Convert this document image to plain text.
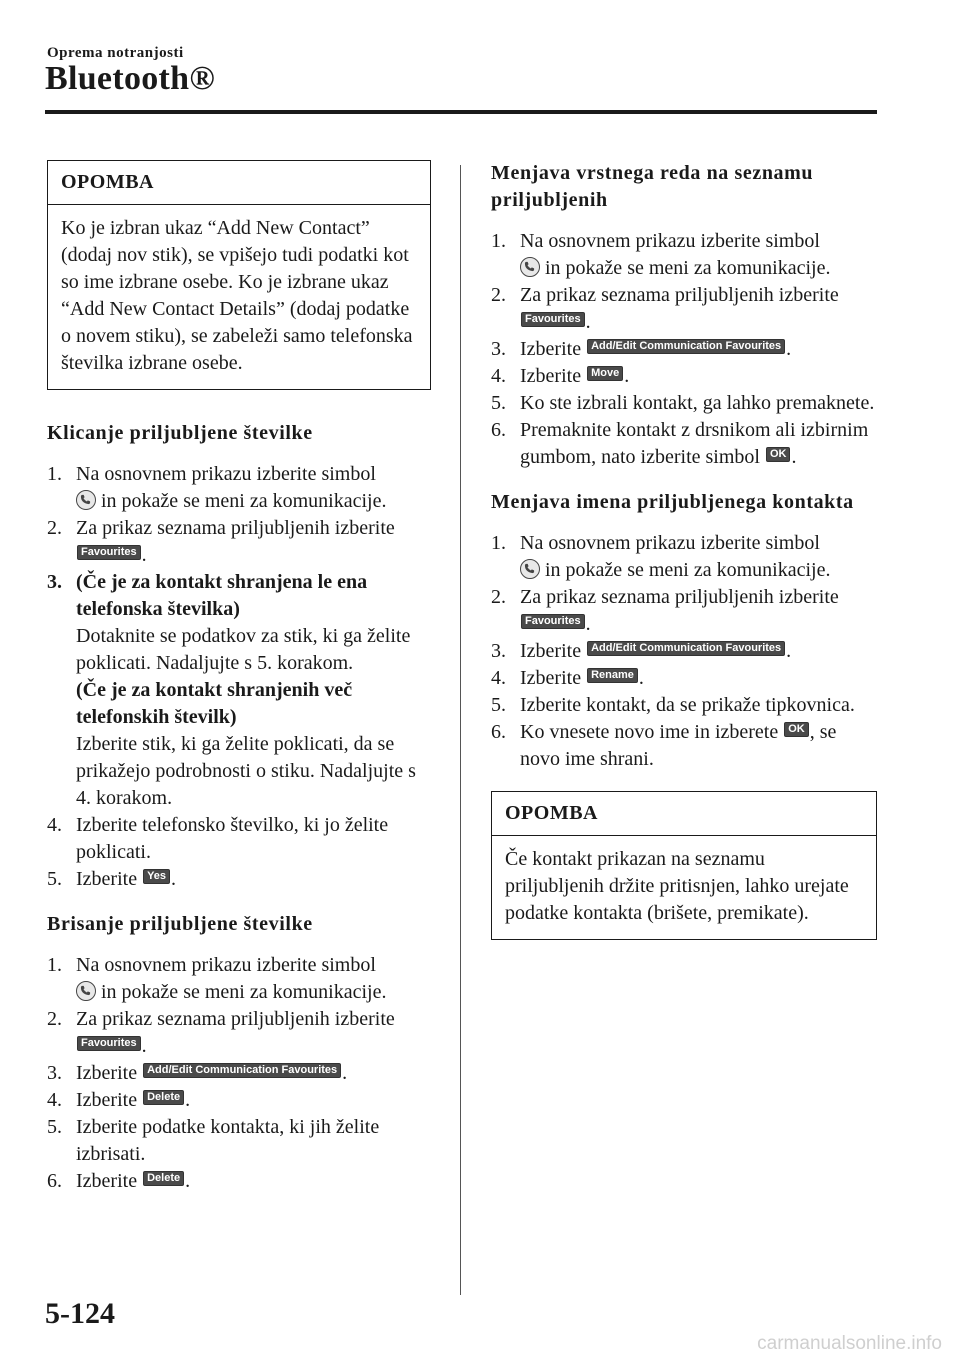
Oprema notranjosti
Bluetooth®
OPOMBA
Ko je izbran ukaz “Add New Contact” (dodaj nov stik), se vpišejo tudi podatki kot so ime izbrane osebe. Ko je izbrane ukaz “Add New Contact Details” (dodaj podatke o novem stiku), se zabeleži samo telefonska številka izbrane osebe.
Klicanje priljubljene številke
1. Na osnovnem prikazu izberite simbol

in pokaže se meni za komunikacije.
2. Za prikaz seznama priljubljenih izberite Favourites .
3. (Če je za kontakt shranjena le ena telefonska številka)
Dotaknite se podatkov za stik, ki ga želite poklicati. Nadaljujte s 5. korakom.
(Če je za kontakt shranjenih več telefonskih številk)
Izberite stik, ki ga želite poklicati, da se prikažejo podrobnosti o stiku. Nadaljujte s 4. korakom.
4. Izberite telefonsko številko, ki jo želite poklicati.
5. Izberite Yes .
Brisanje priljubljene številke
1. Na osnovnem prikazu izberite simbol

in pokaže se meni za komunikacije.
2. Za prikaz seznama priljubljenih izberite Favourites .
3. Izberite Add/Edit Communication Favourites .
4. Izberite Delete .
5. Izberite podatke kontakta, ki jih želite izbrisati.
6. Izberite Delete .
Menjava vrstnega reda na seznamu priljubljenih
1. Na osnovnem prikazu izberite simbol

in pokaže se meni za komunikacije.
2. Za prikaz seznama priljubljenih izberite Favourites .
3. Izberite Add/Edit Communication Favourites .
4. Izberite Move .
5. Ko ste izbrali kontakt, ga lahko premaknete.
6. Premaknite kontakt z drsnikom ali izbirnim gumbom, nato izberite simbol OK .
Menjava imena priljubljenega kontakta
1. Na osnovnem prikazu izberite simbol

in pokaže se meni za komunikacije.
2. Za prikaz seznama priljubljenih izberite Favourites .
3. Izberite Add/Edit Communication Favourites .
4. Izberite Rename .
5. Izberite kontakt, da se prikaže tipkovnica.
6. Ko vnesete novo ime in izberete OK , se novo ime shrani.
OPOMBA
Če kontakt prikazan na seznamu priljubljenih držite pritisnjen, lahko urejate podatke kontakta (brišete, premikate).
5-124
carmanualsonline.info
